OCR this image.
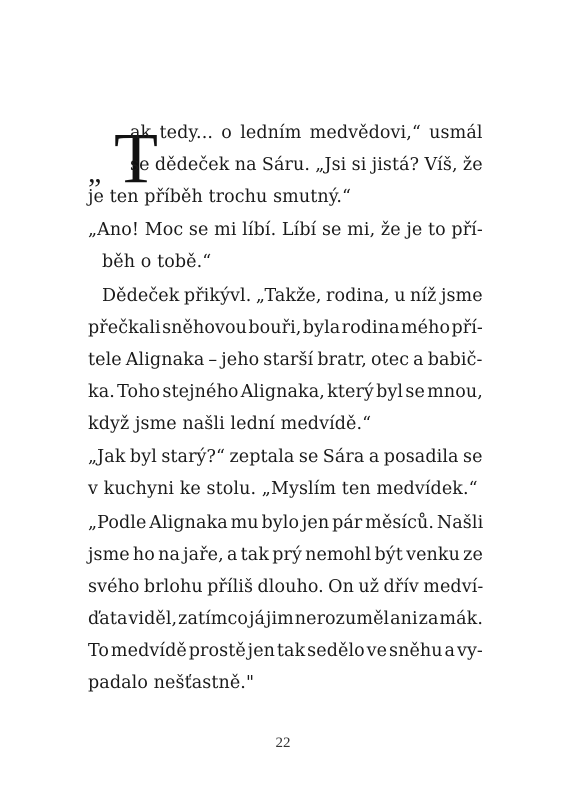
„ T
ak tedy... o ledním medvědovi,“ usmál
se dědeček na Sáru. „Jsi si jistá? Víš, že
je ten příběh trochu smutný.“
„Ano! Moc se mi líbí. Líbí se mi, že je to pří-
běh o tobě.“
Dědeček přikývl. „Takže, rodina, u níž jsme
přečkali sněhovou bouři, byla rodina mého pří-
tele Alignaka – jeho starší bratr, otec a babič-
ka. Toho stejného Alignaka, který byl se mnou,
když jsme našli lední medvídě.“
„Jak byl starý?“ zeptala se Sára a posadila se
v kuchyni ke stolu. „Myslím ten medvídek.“
„Podle Alignaka mu bylo jen pár měsíců. Našli
jsme ho na jaře, a tak prý nemohl být venku ze
svého brlohu příliš dlouho. On už dřív medví-
ďata viděl, zatímco já jim nerozuměl ani za mák.
To medvídě prostě jen tak sedělo ve sněhu a vy-
padalo nešťastně."
22
